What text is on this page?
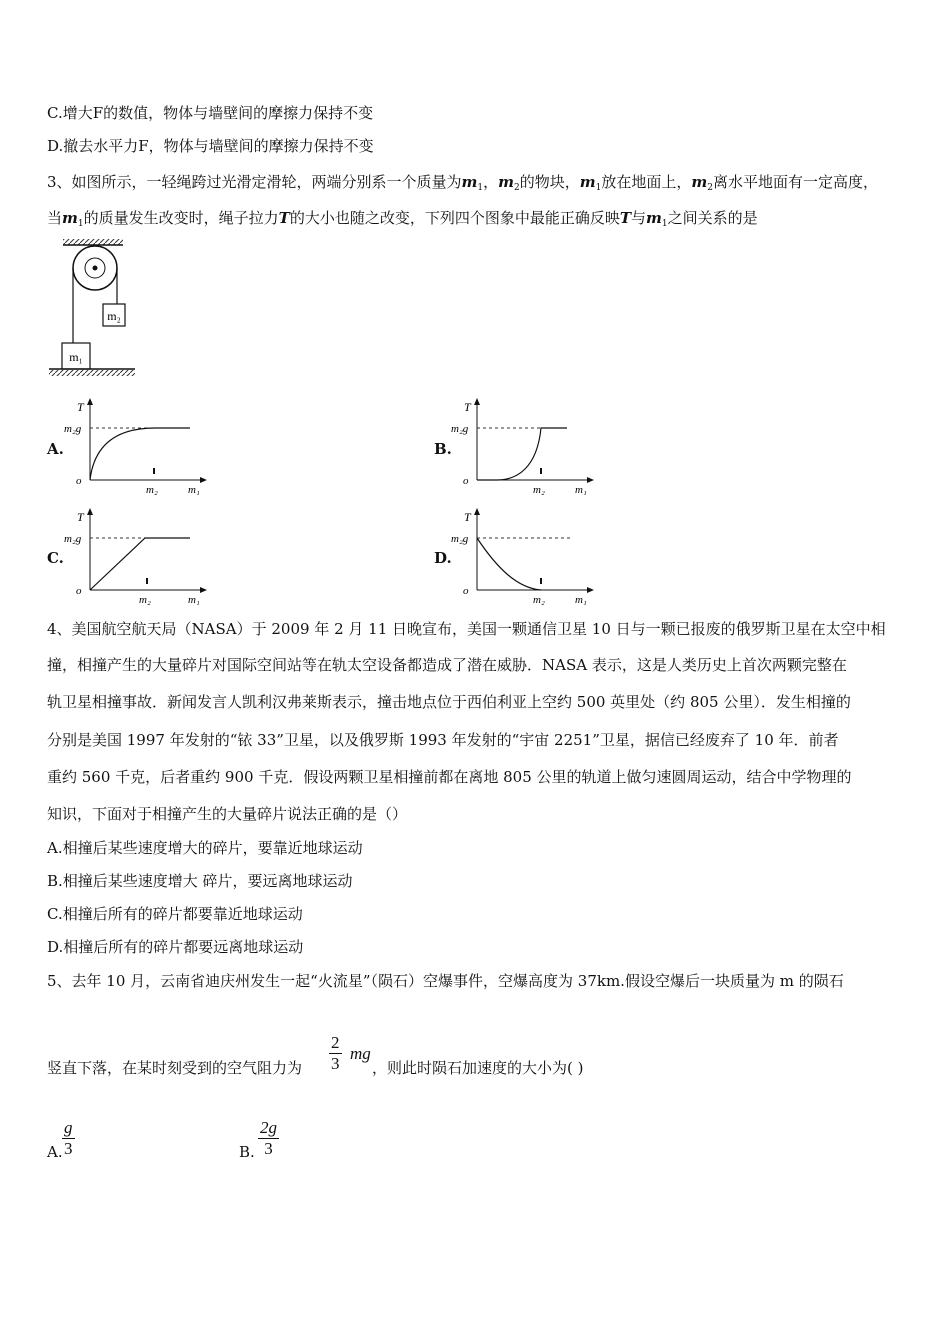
C.增大F的数值，物体与墙壁间的摩擦力保持不变
D.撤去水平力F，物体与墙壁间的摩擦力保持不变
3、如图所示，一轻绳跨过光滑定滑轮，两端分别系一个质量为$m_1$，$m_2$的物块，$m_1$放在地面上，$m_2$离水平地面有一定高度，
当$m_1$的质量发生改变时，绳子拉力T的大小也随之改变，下列四个图象中最能正确反映T与$m_1$之间关系的是
m₂
m₁
A.
T
m₂g
o
m₂	m₁
B.
T
m₂g
o
m₂	m₁
C.
T
m₂g
o
m₂	m₁
D.
T
m₂g
o
m₂	m₁
4、美国航空航天局（NASA）于 2009 年 2 月 11 日晚宣布，美国一颗通信卫星 10 日与一颗已报废的俄罗斯卫星在太空中相
撞，相撞产生的大量碎片对国际空间站等在轨太空设备都造成了潜在威胁．NASA 表示，这是人类历史上首次两颗完整在
轨卫星相撞事故．新闻发言人凯利汉弗莱斯表示，撞击地点位于西伯利亚上空约 500 英里处（约 805 公里）．发生相撞的
分别是美国 1997 年发射的“铱 33”卫星，以及俄罗斯 1993 年发射的“宇宙 2251”卫星，据信已经废弃了 10 年．前者
重约 560 千克，后者重约 900 千克．假设两颗卫星相撞前都在离地 805 公里的轨道上做匀速圆周运动，结合中学物理的
知识，下面对于相撞产生的大量碎片说法正确的是（）
A.相撞后某些速度增大的碎片，要靠近地球运动
B.相撞后某些速度增大 碎片，要远离地球运动
C.相撞后所有的碎片都要靠近地球运动
D.相撞后所有的碎片都要远离地球运动
5、去年 10 月，云南省迪庆州发生一起“火流星”（陨石）空爆事件，空爆高度为 37km.假设空爆后一块质量为 m 的陨石
竖直下落，在某时刻受到的空气阻力为 $\frac{2}{3}$ mg
，则此时陨石加速度的大小为( )
A. $\frac{g}{3}$	B. $\frac{2g}{3}$
